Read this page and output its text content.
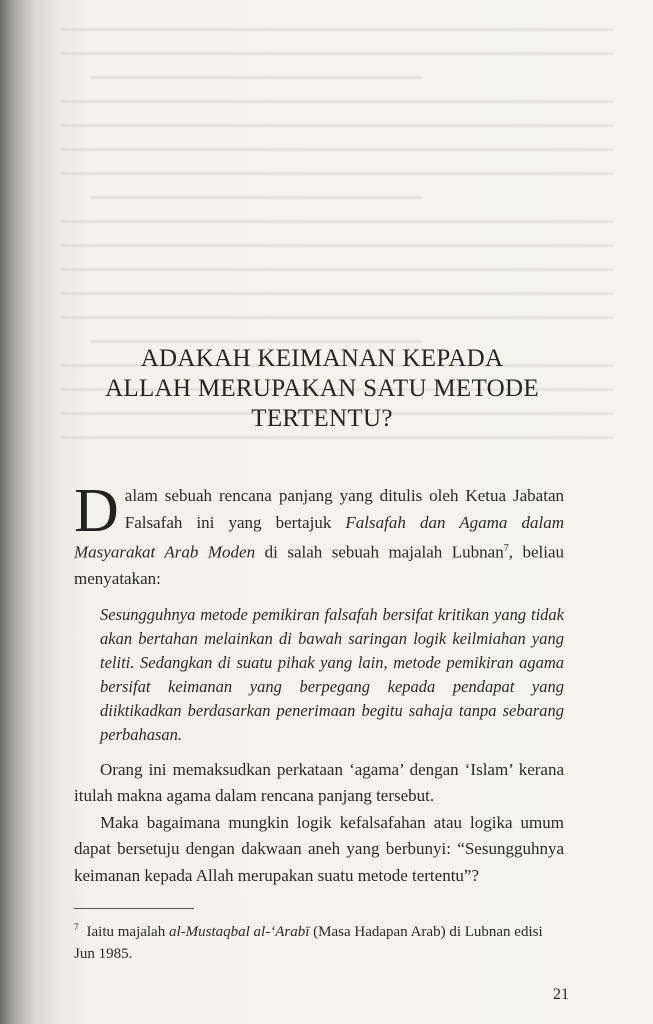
ADAKAH KEIMANAN KEPADA
ALLAH MERUPAKAN SATU METODE
TERTENTU?

Dalam sebuah rencana panjang yang ditulis oleh Ketua Jabatan Falsafah ini yang bertajuk Falsafah dan Agama dalam Masyarakat Arab Moden di salah sebuah majalah Lubnan$^7$, beliau menyatakan:

Sesungguhnya metode pemikiran falsafah bersifat kritikan yang tidak akan bertahan melainkan di bawah saringan logik keilmiahan yang teliti. Sedangkan di suatu pihak yang lain, metode pemikiran agama bersifat keimanan yang berpegang kepada pendapat yang diiktikadkan berdasarkan penerimaan begitu sahaja tanpa sebarang perbahasan.

Orang ini memaksudkan perkataan ‘agama’ dengan ‘Islam’ kerana itulah makna agama dalam rencana panjang tersebut.

Maka bagaimana mungkin logik kefalsafahan atau logika umum dapat bersetuju dengan dakwaan aneh yang berbunyi: “Sesungguhnya keimanan kepada Allah merupakan suatu metode tertentu”?

$^7$ Iaitu majalah al-Mustaqbal al-‘Arabī (Masa Hadapan Arab) di Lubnan edisi Jun 1985.

21
